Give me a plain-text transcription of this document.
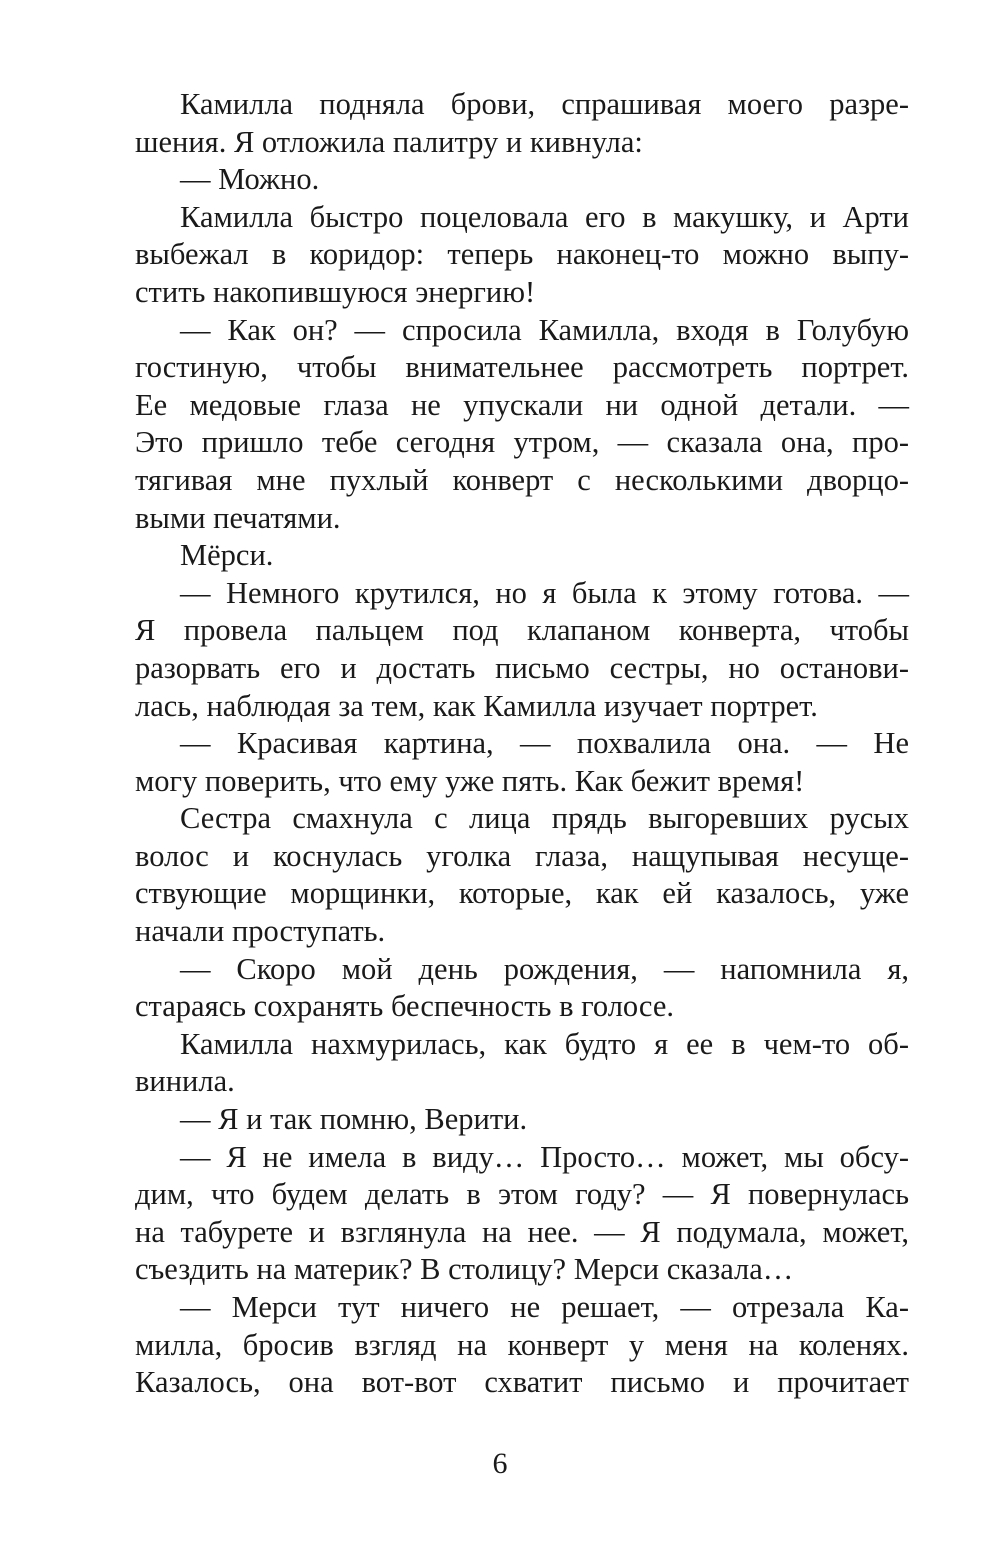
Камилла подняла брови, спрашивая моего разре-
шения. Я отложила палитру и кивнула:
— Можно.
Камилла быстро поцеловала его в макушку, и Арти
выбежал в коридор: теперь наконец-то можно выпу-
стить накопившуюся энергию!
— Как он? — спросила Камилла, входя в Голубую
гостиную, чтобы внимательнее рассмотреть портрет.
Ее медовые глаза не упускали ни одной детали. —
Это пришло тебе сегодня утром, — сказала она, про-
тягивая мне пухлый конверт с несколькими дворцо-
выми печатями.
Мёрси.
— Немного крутился, но я была к этому готова. —
Я провела пальцем под клапаном конверта, чтобы
разорвать его и достать письмо сестры, но останови-
лась, наблюдая за тем, как Камилла изучает портрет.
— Красивая картина, — похвалила она. — Не
могу поверить, что ему уже пять. Как бежит время!
Сестра смахнула с лица прядь выгоревших русых
волос и коснулась уголка глаза, нащупывая несуще-
ствующие морщинки, которые, как ей казалось, уже
начали проступать.
— Скоро мой день рождения, — напомнила я,
стараясь сохранять беспечность в голосе.
Камилла нахмурилась, как будто я ее в чем-то об-
винила.
— Я и так помню, Верити.
— Я не имела в виду… Просто… может, мы обсу-
дим, что будем делать в этом году? — Я повернулась
на табурете и взглянула на нее. — Я подумала, может,
съездить на материк? В столицу? Мерси сказала…
— Мерси тут ничего не решает, — отрезала Ка-
милла, бросив взгляд на конверт у меня на коленях.
Казалось, она вот-вот схватит письмо и прочитает
6
